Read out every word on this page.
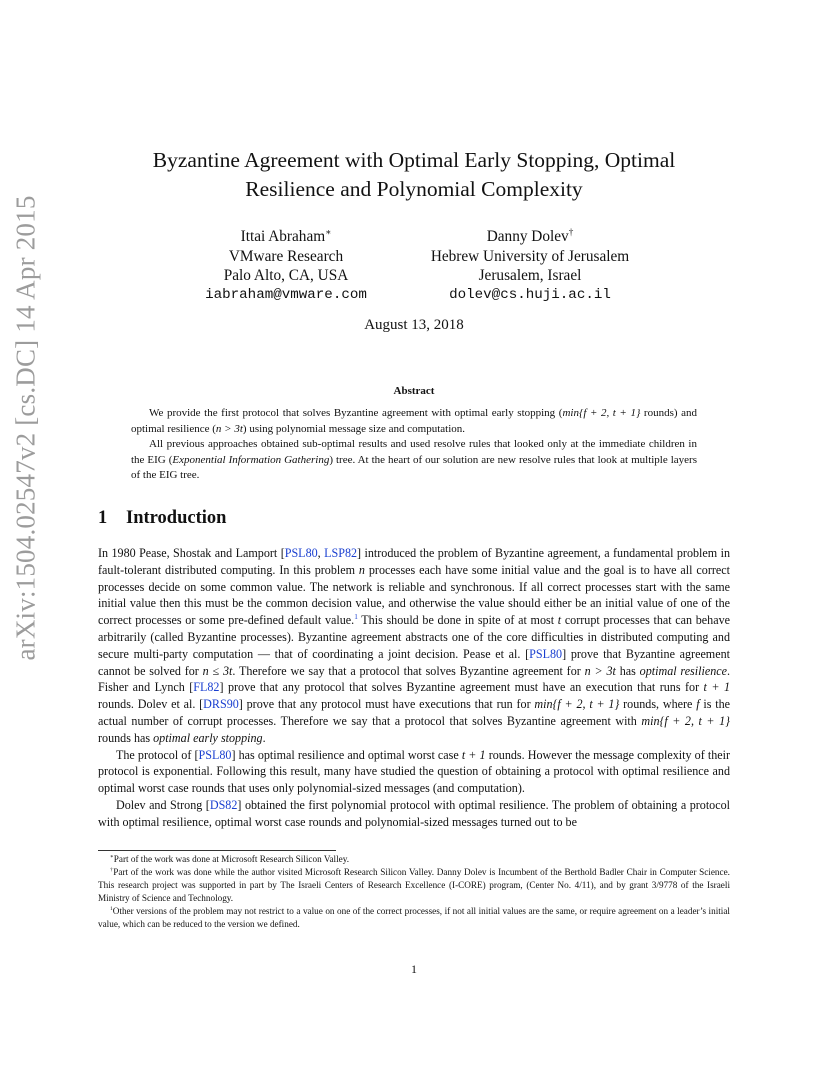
arXiv:1504.02547v2 [cs.DC] 14 Apr 2015
Byzantine Agreement with Optimal Early Stopping, Optimal
Resilience and Polynomial Complexity
Ittai Abraham∗
VMware Research
Palo Alto, CA, USA
iabraham@vmware.com
Danny Dolev†
Hebrew University of Jerusalem
Jerusalem, Israel
dolev@cs.huji.ac.il
August 13, 2018
Abstract

We provide the first protocol that solves Byzantine agreement with optimal early stopping (min{f + 2, t + 1} rounds) and optimal resilience (n > 3t) using polynomial message size and computation.

All previous approaches obtained sub-optimal results and used resolve rules that looked only at the immediate children in the EIG (Exponential Information Gathering) tree. At the heart of our solution are new resolve rules that look at multiple layers of the EIG tree.

1 Introduction

In 1980 Pease, Shostak and Lamport [PSL80, LSP82] introduced the problem of Byzantine agreement, a fundamental problem in fault-tolerant distributed computing. In this problem n processes each have some initial value and the goal is to have all correct processes decide on some common value. The network is reliable and synchronous. If all correct processes start with the same initial value then this must be the common decision value, and otherwise the value should either be an initial value of one of the correct processes or some pre-defined default value.$^1$ This should be done in spite of at most t corrupt processes that can behave arbitrarily (called Byzantine processes). Byzantine agreement abstracts one of the core difficulties in distributed computing and secure multi-party computation — that of coordinating a joint decision. Pease et al. [PSL80] prove that Byzantine agreement cannot be solved for n ≤ 3t. Therefore we say that a protocol that solves Byzantine agreement for n > 3t has optimal resilience. Fisher and Lynch [FL82] prove that any protocol that solves Byzantine agreement must have an execution that runs for t + 1 rounds. Dolev et al. [DRS90] prove that any protocol must have executions that run for min{f + 2, t + 1} rounds, where f is the actual number of corrupt processes. Therefore we say that a protocol that solves Byzantine agreement with min{f + 2, t + 1} rounds has optimal early stopping.

The protocol of [PSL80] has optimal resilience and optimal worst case t + 1 rounds. However the message complexity of their protocol is exponential. Following this result, many have studied the question of obtaining a protocol with optimal resilience and optimal worst case rounds that uses only polynomial-sized messages (and computation).

Dolev and Strong [DS82] obtained the first polynomial protocol with optimal resilience. The problem of obtaining a protocol with optimal resilience, optimal worst case rounds and polynomial-sized messages turned out to be

∗Part of the work was done at Microsoft Research Silicon Valley.

†Part of the work was done while the author visited Microsoft Research Silicon Valley. Danny Dolev is Incumbent of the Berthold Badler Chair in Computer Science. This research project was supported in part by The Israeli Centers of Research Excellence (I-CORE) program, (Center No. 4/11), and by grant 3/9778 of the Israeli Ministry of Science and Technology.

$^1$Other versions of the problem may not restrict to a value on one of the correct processes, if not all initial values are the same, or require agreement on a leader’s initial value, which can be reduced to the version we defined.

1
